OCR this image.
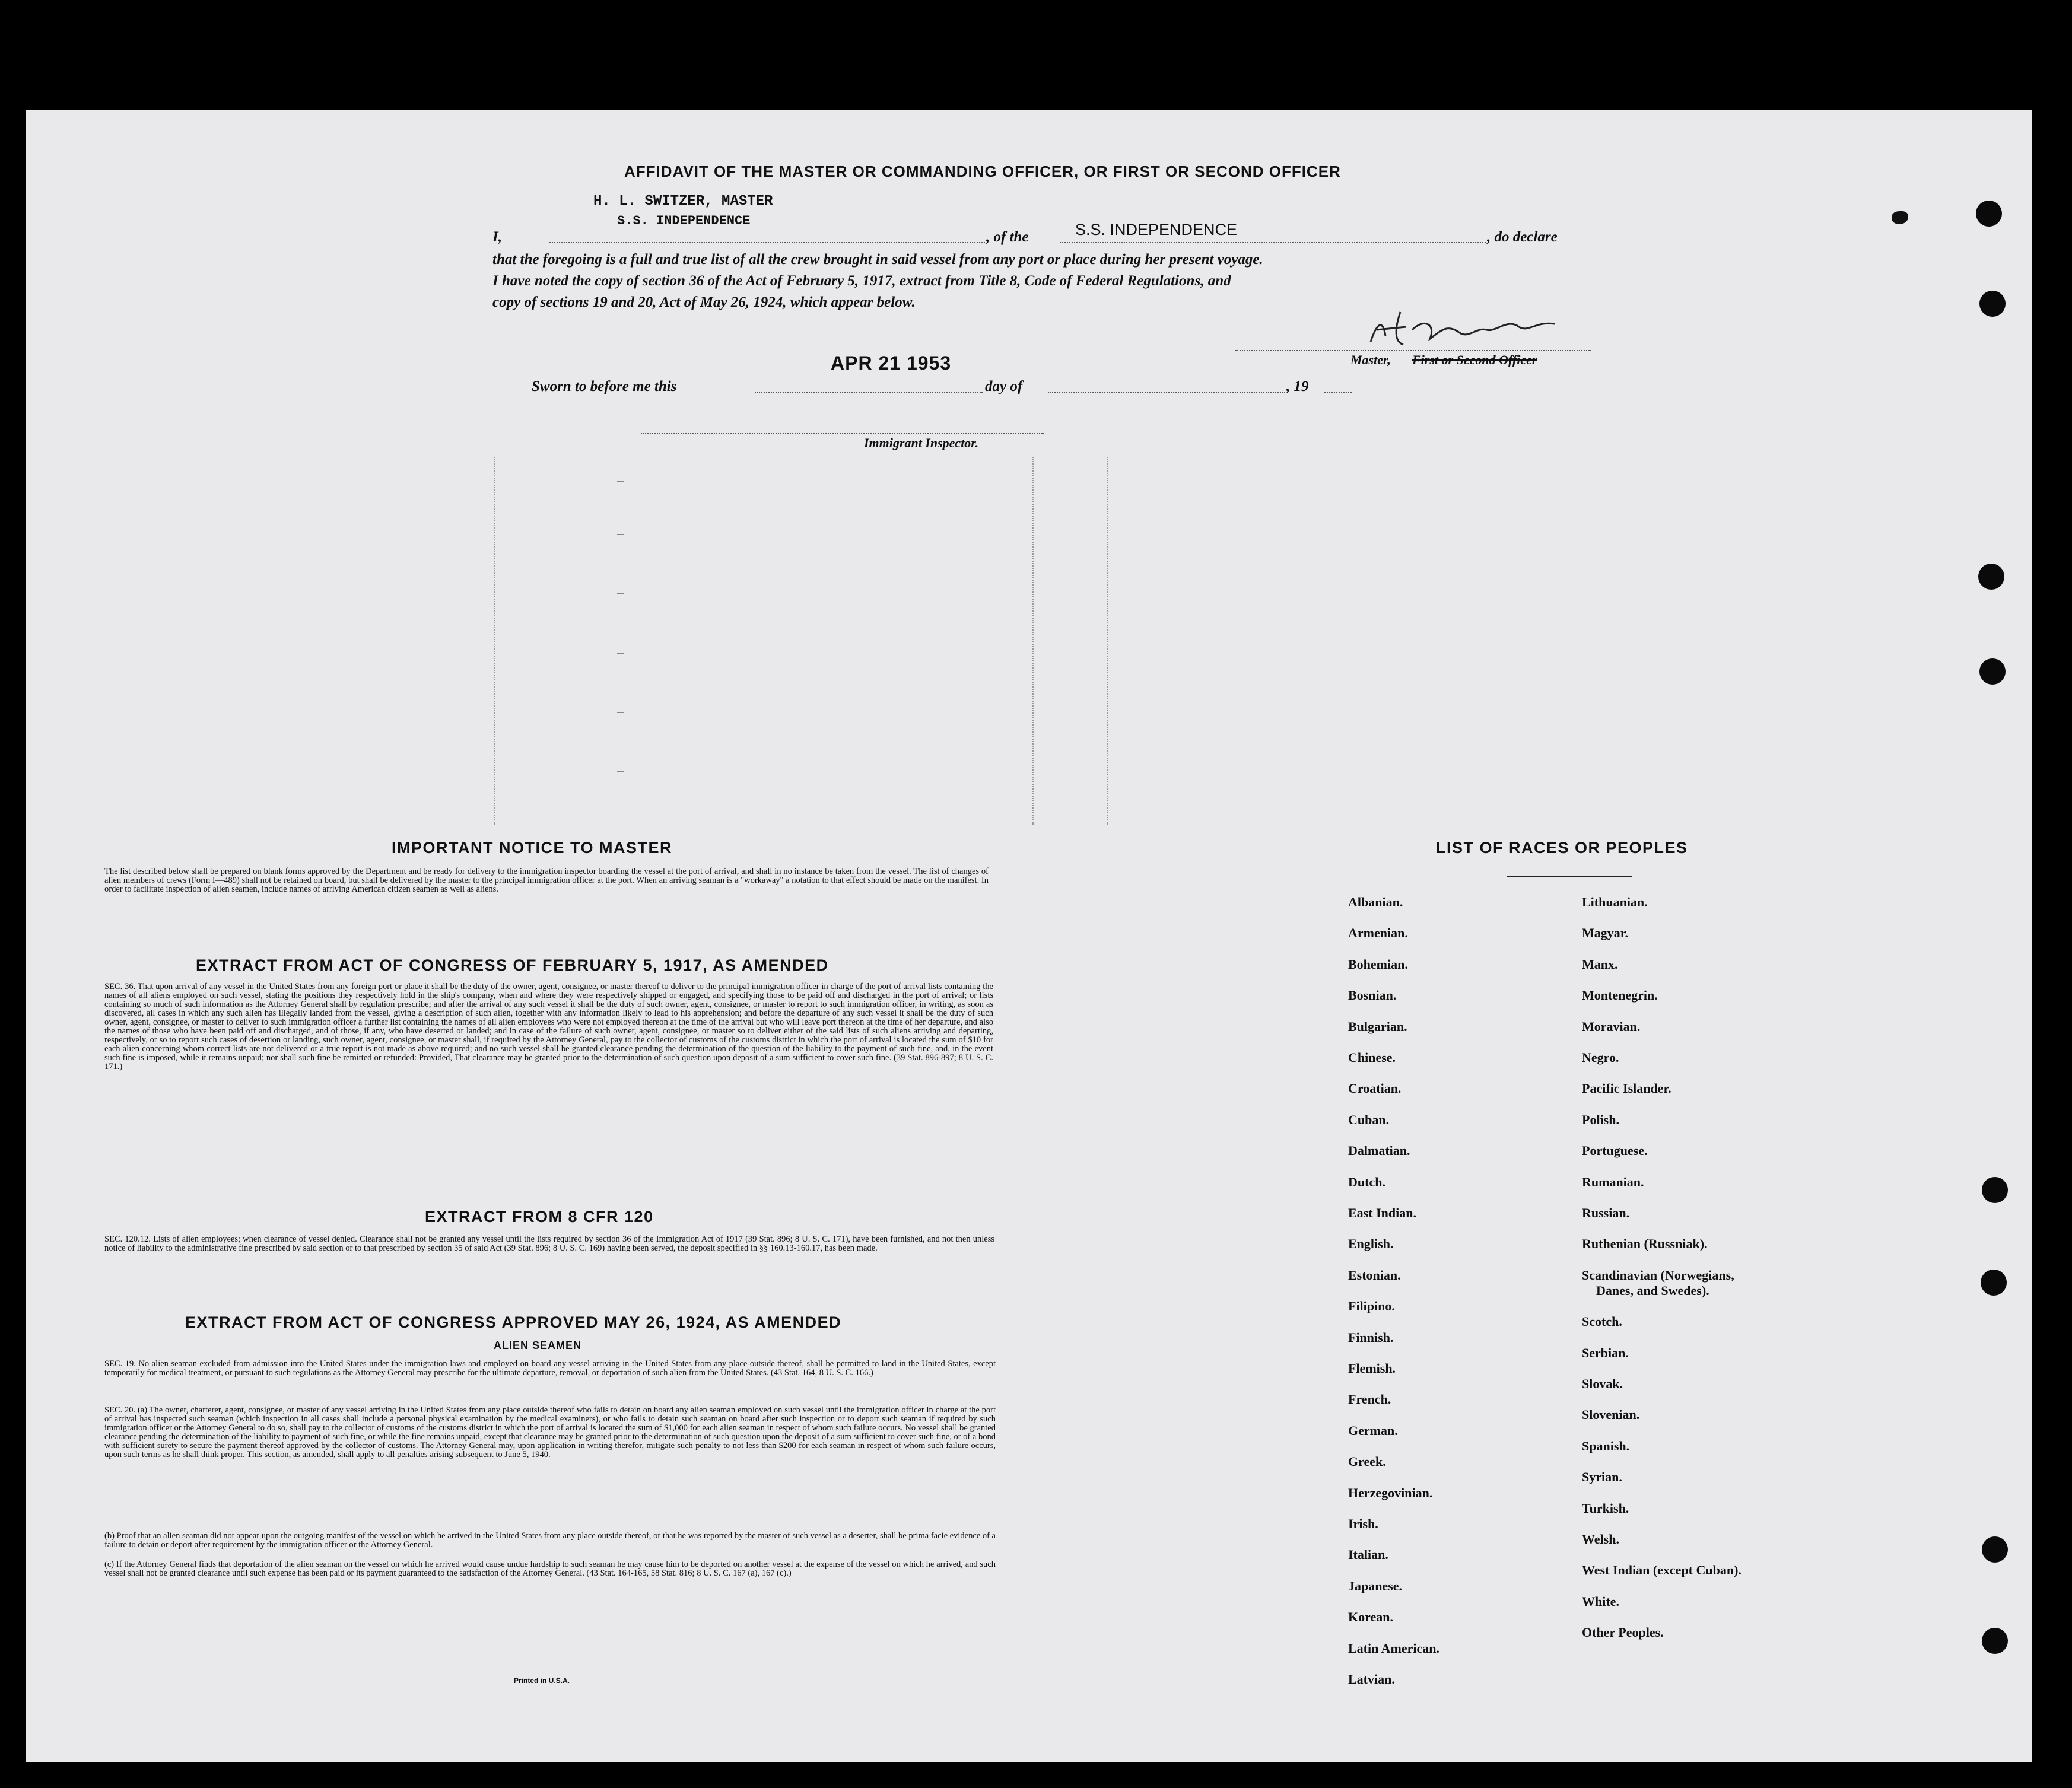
AFFIDAVIT OF THE MASTER OR COMMANDING OFFICER, OR FIRST OR SECOND OFFICER
H. L. SWITZER, MASTER
S.S. INDEPENDENCE
I,	, of the	S.S. INDEPENDENCE	, do declare
that the foregoing is a full and true list of all the crew brought in said vessel from any port or place during her present voyage.
I have noted the copy of section 36 of the Act of February 5, 1917, extract from Title 8, Code of Federal Regulations, and
copy of sections 19 and 20, Act of May 26, 1924, which appear below.
Master, First or Second Officer
APR 21 1953
Sworn to before me this	day of	, 19
Immigrant Inspector.
IMPORTANT NOTICE TO MASTER
The list described below shall be prepared on blank forms approved by the Department and be ready for delivery to the immigration inspector boarding the vessel at the port of arrival, and shall in no instance be taken from the vessel. The list of changes of alien members of crews (Form I—489) shall not be retained on board, but shall be delivered by the master to the principal immigration officer at the port. When an arriving seaman is a "workaway" a notation to that effect should be made on the manifest. In order to facilitate inspection of alien seamen, include names of arriving American citizen seamen as well as aliens.
EXTRACT FROM ACT OF CONGRESS OF FEBRUARY 5, 1917, AS AMENDED
SEC. 36. That upon arrival of any vessel in the United States from any foreign port or place it shall be the duty of the owner, agent, consignee, or master thereof to deliver to the principal immigration officer in charge of the port of arrival lists containing the names of all aliens employed on such vessel, stating the positions they respectively hold in the ship's company, when and where they were respectively shipped or engaged, and specifying those to be paid off and discharged in the port of arrival; or lists containing so much of such information as the Attorney General shall by regulation prescribe; and after the arrival of any such vessel it shall be the duty of such owner, agent, consignee, or master to report to such immigration officer, in writing, as soon as discovered, all cases in which any such alien has illegally landed from the vessel, giving a description of such alien, together with any information likely to lead to his apprehension; and before the departure of any such vessel it shall be the duty of such owner, agent, consignee, or master to deliver to such immigration officer a further list containing the names of all alien employees who were not employed thereon at the time of the arrival but who will leave port thereon at the time of her departure, and also the names of those who have been paid off and discharged, and of those, if any, who have deserted or landed; and in case of the failure of such owner, agent, consignee, or master so to deliver either of the said lists of such aliens arriving and departing, respectively, or so to report such cases of desertion or landing, such owner, agent, consignee, or master shall, if required by the Attorney General, pay to the collector of customs of the customs district in which the port of arrival is located the sum of $10 for each alien concerning whom correct lists are not delivered or a true report is not made as above required; and no such vessel shall be granted clearance pending the determination of the question of the liability to the payment of such fine, and, in the event such fine is imposed, while it remains unpaid; nor shall such fine be remitted or refunded: Provided, That clearance may be granted prior to the determination of such question upon deposit of a sum sufficient to cover such fine. (39 Stat. 896-897; 8 U. S. C. 171.)
EXTRACT FROM 8 CFR 120
SEC. 120.12. Lists of alien employees; when clearance of vessel denied. Clearance shall not be granted any vessel until the lists required by section 36 of the Immigration Act of 1917 (39 Stat. 896; 8 U. S. C. 171), have been furnished, and not then unless notice of liability to the administrative fine prescribed by said section or to that prescribed by section 35 of said Act (39 Stat. 896; 8 U. S. C. 169) having been served, the deposit specified in §§ 160.13-160.17, has been made.
EXTRACT FROM ACT OF CONGRESS APPROVED MAY 26, 1924, AS AMENDED
ALIEN SEAMEN
SEC. 19. No alien seaman excluded from admission into the United States under the immigration laws and employed on board any vessel arriving in the United States from any place outside thereof, shall be permitted to land in the United States, except temporarily for medical treatment, or pursuant to such regulations as the Attorney General may prescribe for the ultimate departure, removal, or deportation of such alien from the United States. (43 Stat. 164, 8 U. S. C. 166.)
SEC. 20. (a) The owner, charterer, agent, consignee, or master of any vessel arriving in the United States from any place outside thereof who fails to detain on board any alien seaman employed on such vessel until the immigration officer in charge at the port of arrival has inspected such seaman (which inspection in all cases shall include a personal physical examination by the medical examiners), or who fails to detain such seaman on board after such inspection or to deport such seaman if required by such immigration officer or the Attorney General to do so, shall pay to the collector of customs of the customs district in which the port of arrival is located the sum of $1,000 for each alien seaman in respect of whom such failure occurs. No vessel shall be granted clearance pending the determination of the liability to payment of such fine, or while the fine remains unpaid, except that clearance may be granted prior to the determination of such question upon the deposit of a sum sufficient to cover such fine, or of a bond with sufficient surety to secure the payment thereof approved by the collector of customs. The Attorney General may, upon application in writing therefor, mitigate such penalty to not less than $200 for each seaman in respect of whom such failure occurs, upon such terms as he shall think proper. This section, as amended, shall apply to all penalties arising subsequent to June 5, 1940.
(b) Proof that an alien seaman did not appear upon the outgoing manifest of the vessel on which he arrived in the United States from any place outside thereof, or that he was reported by the master of such vessel as a deserter, shall be prima facie evidence of a failure to detain or deport after requirement by the immigration officer or the Attorney General.
(c) If the Attorney General finds that deportation of the alien seaman on the vessel on which he arrived would cause undue hardship to such seaman he may cause him to be deported on another vessel at the expense of the vessel on which he arrived, and such vessel shall not be granted clearance until such expense has been paid or its payment guaranteed to the satisfaction of the Attorney General. (43 Stat. 164-165, 58 Stat. 816; 8 U. S. C. 167 (a), 167 (c).)
Printed in U.S.A.
LIST OF RACES OR PEOPLES
Albanian.
Armenian.
Bohemian.
Bosnian.
Bulgarian.
Chinese.
Croatian.
Cuban.
Dalmatian.
Dutch.
East Indian.
English.
Estonian.
Filipino.
Finnish.
Flemish.
French.
German.
Greek.
Herzegovinian.
Irish.
Italian.
Japanese.
Korean.
Latin American.
Latvian.
Lithuanian.
Magyar.
Manx.
Montenegrin.
Moravian.
Negro.
Pacific Islander.
Polish.
Portuguese.
Rumanian.
Russian.
Ruthenian (Russniak).
Scandinavian (Norwegians,
Danes, and Swedes).
Scotch.
Serbian.
Slovak.
Slovenian.
Spanish.
Syrian.
Turkish.
Welsh.
West Indian (except Cuban).
White.
Other Peoples.
